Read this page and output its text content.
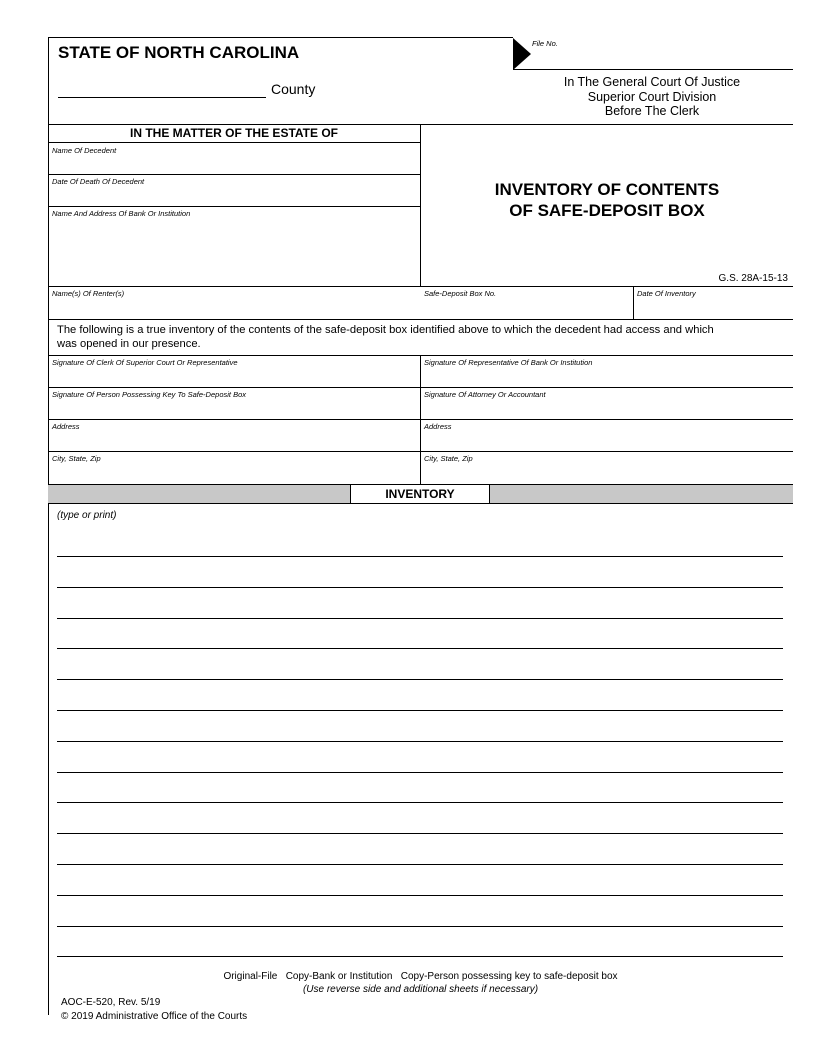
STATE OF NORTH CAROLINA
County
File No.
In The General Court Of Justice
Superior Court Division
Before The Clerk
IN THE MATTER OF THE ESTATE OF
Name Of Decedent
Date Of Death Of Decedent
Name And Address Of Bank Or Institution
INVENTORY OF CONTENTS
OF SAFE-DEPOSIT BOX
G.S. 28A-15-13
Name(s) Of Renter(s)	Safe-Deposit Box No.	Date Of Inventory
The following is a true inventory of the contents of the safe-deposit box identified above to which the decedent had access and which
was opened in our presence.
Signature Of Clerk Of Superior Court Or Representative	Signature Of Representative Of Bank Or Institution
Signature Of Person Possessing Key To Safe-Deposit Box	Signature Of Attorney Or Accountant
Address	Address
City, State, Zip	City, State, Zip
INVENTORY
(type or print)
Original-File   Copy-Bank or Institution   Copy-Person possessing key to safe-deposit box
(Use reverse side and additional sheets if necessary)
AOC-E-520, Rev. 5/19
© 2019 Administrative Office of the Courts
